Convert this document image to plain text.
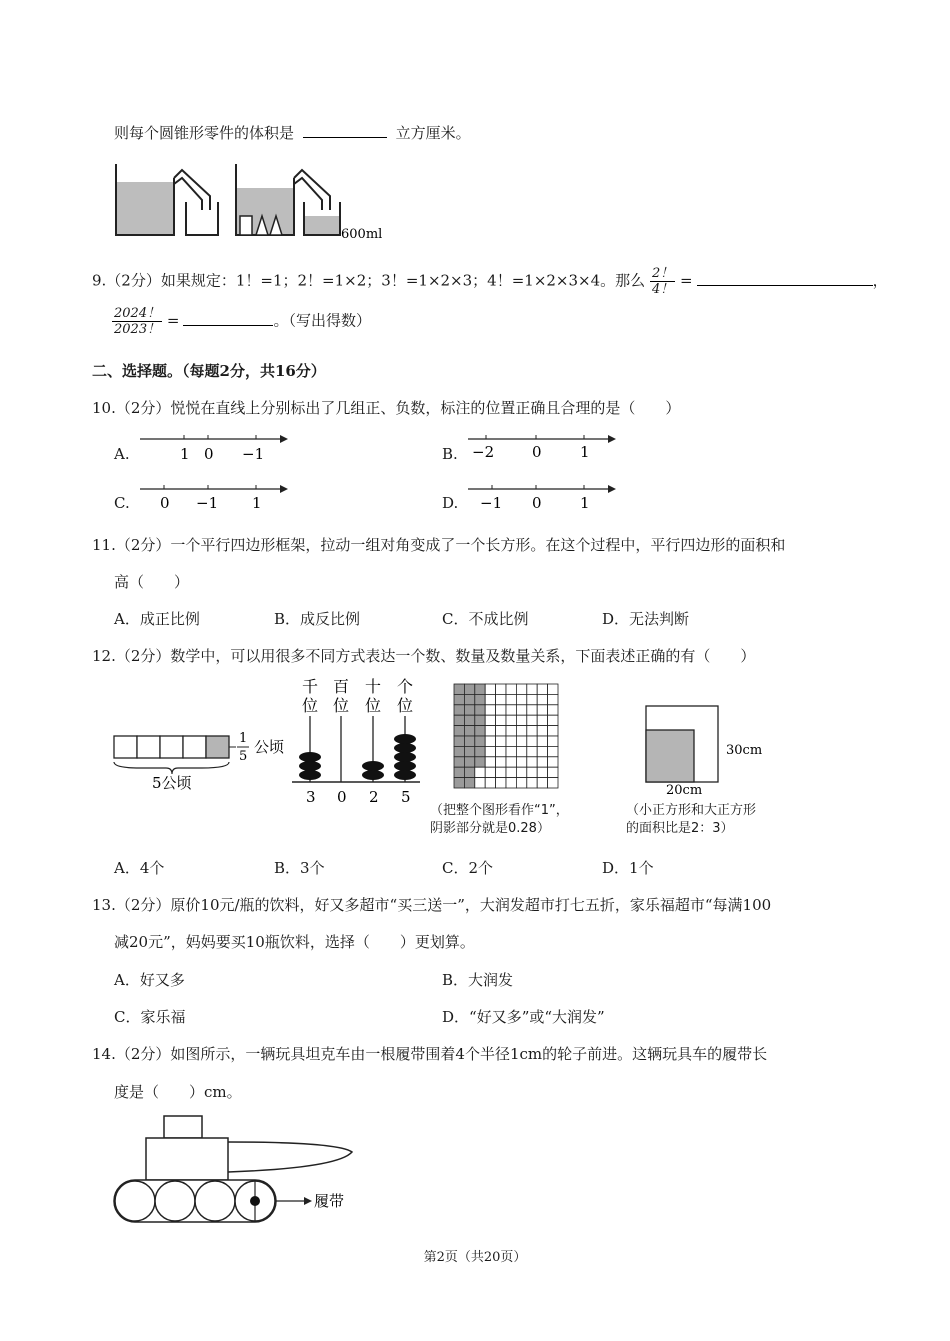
则每个圆锥形零件的体积是	立方厘米。
600ml
9.（2分）如果规定：1！=1；2！=1×2；3！=1×2×3；4！=1×2×3×4。那么 $\frac{2!}{4!}$ =	，
$\frac{2024!}{2023!}$ =	。（写出得数）
二、选择题。（每题2分，共16分）
10.（2分）悦悦在直线上分别标出了几组正、负数，标注的位置正确且合理的是（　　）
A.	1 0 −1	B. −2	0	1
C. 0 −1 1	D. −1 0	1
11.（2分）一个平行四边形框架，拉动一组对角变成了一个长方形。在这个过程中，平行四边形的面积和
高（　　）
A．成正比例	B．成反比例	C．不成比例	D．无法判断
12.（2分）数学中，可以用很多不同方式表达一个数、数量及数量关系，下面表述正确的有（　　）
1
5
公顷
5公顷
千
位
百
位
十
位
个
位
3 0 2 5
（把整个图形看作“1”，
阴影部分就是0.28）
30cm
20cm
（小正方形和大正方形
的面积比是2：3）
A．4个	B．3个	C．2个	D．1个
13.（2分）原价10元/瓶的饮料，好又多超市“买三送一”，大润发超市打七五折，家乐福超市“每满100
减20元”，妈妈要买10瓶饮料，选择（　　）更划算。
A．好又多	B．大润发
C．家乐福	D．“好又多”或“大润发”
14.（2分）如图所示，一辆玩具坦克车由一根履带围着4个半径1cm的轮子前进。这辆玩具车的履带长
度是（　　）cm。
履带
第2页（共20页）
